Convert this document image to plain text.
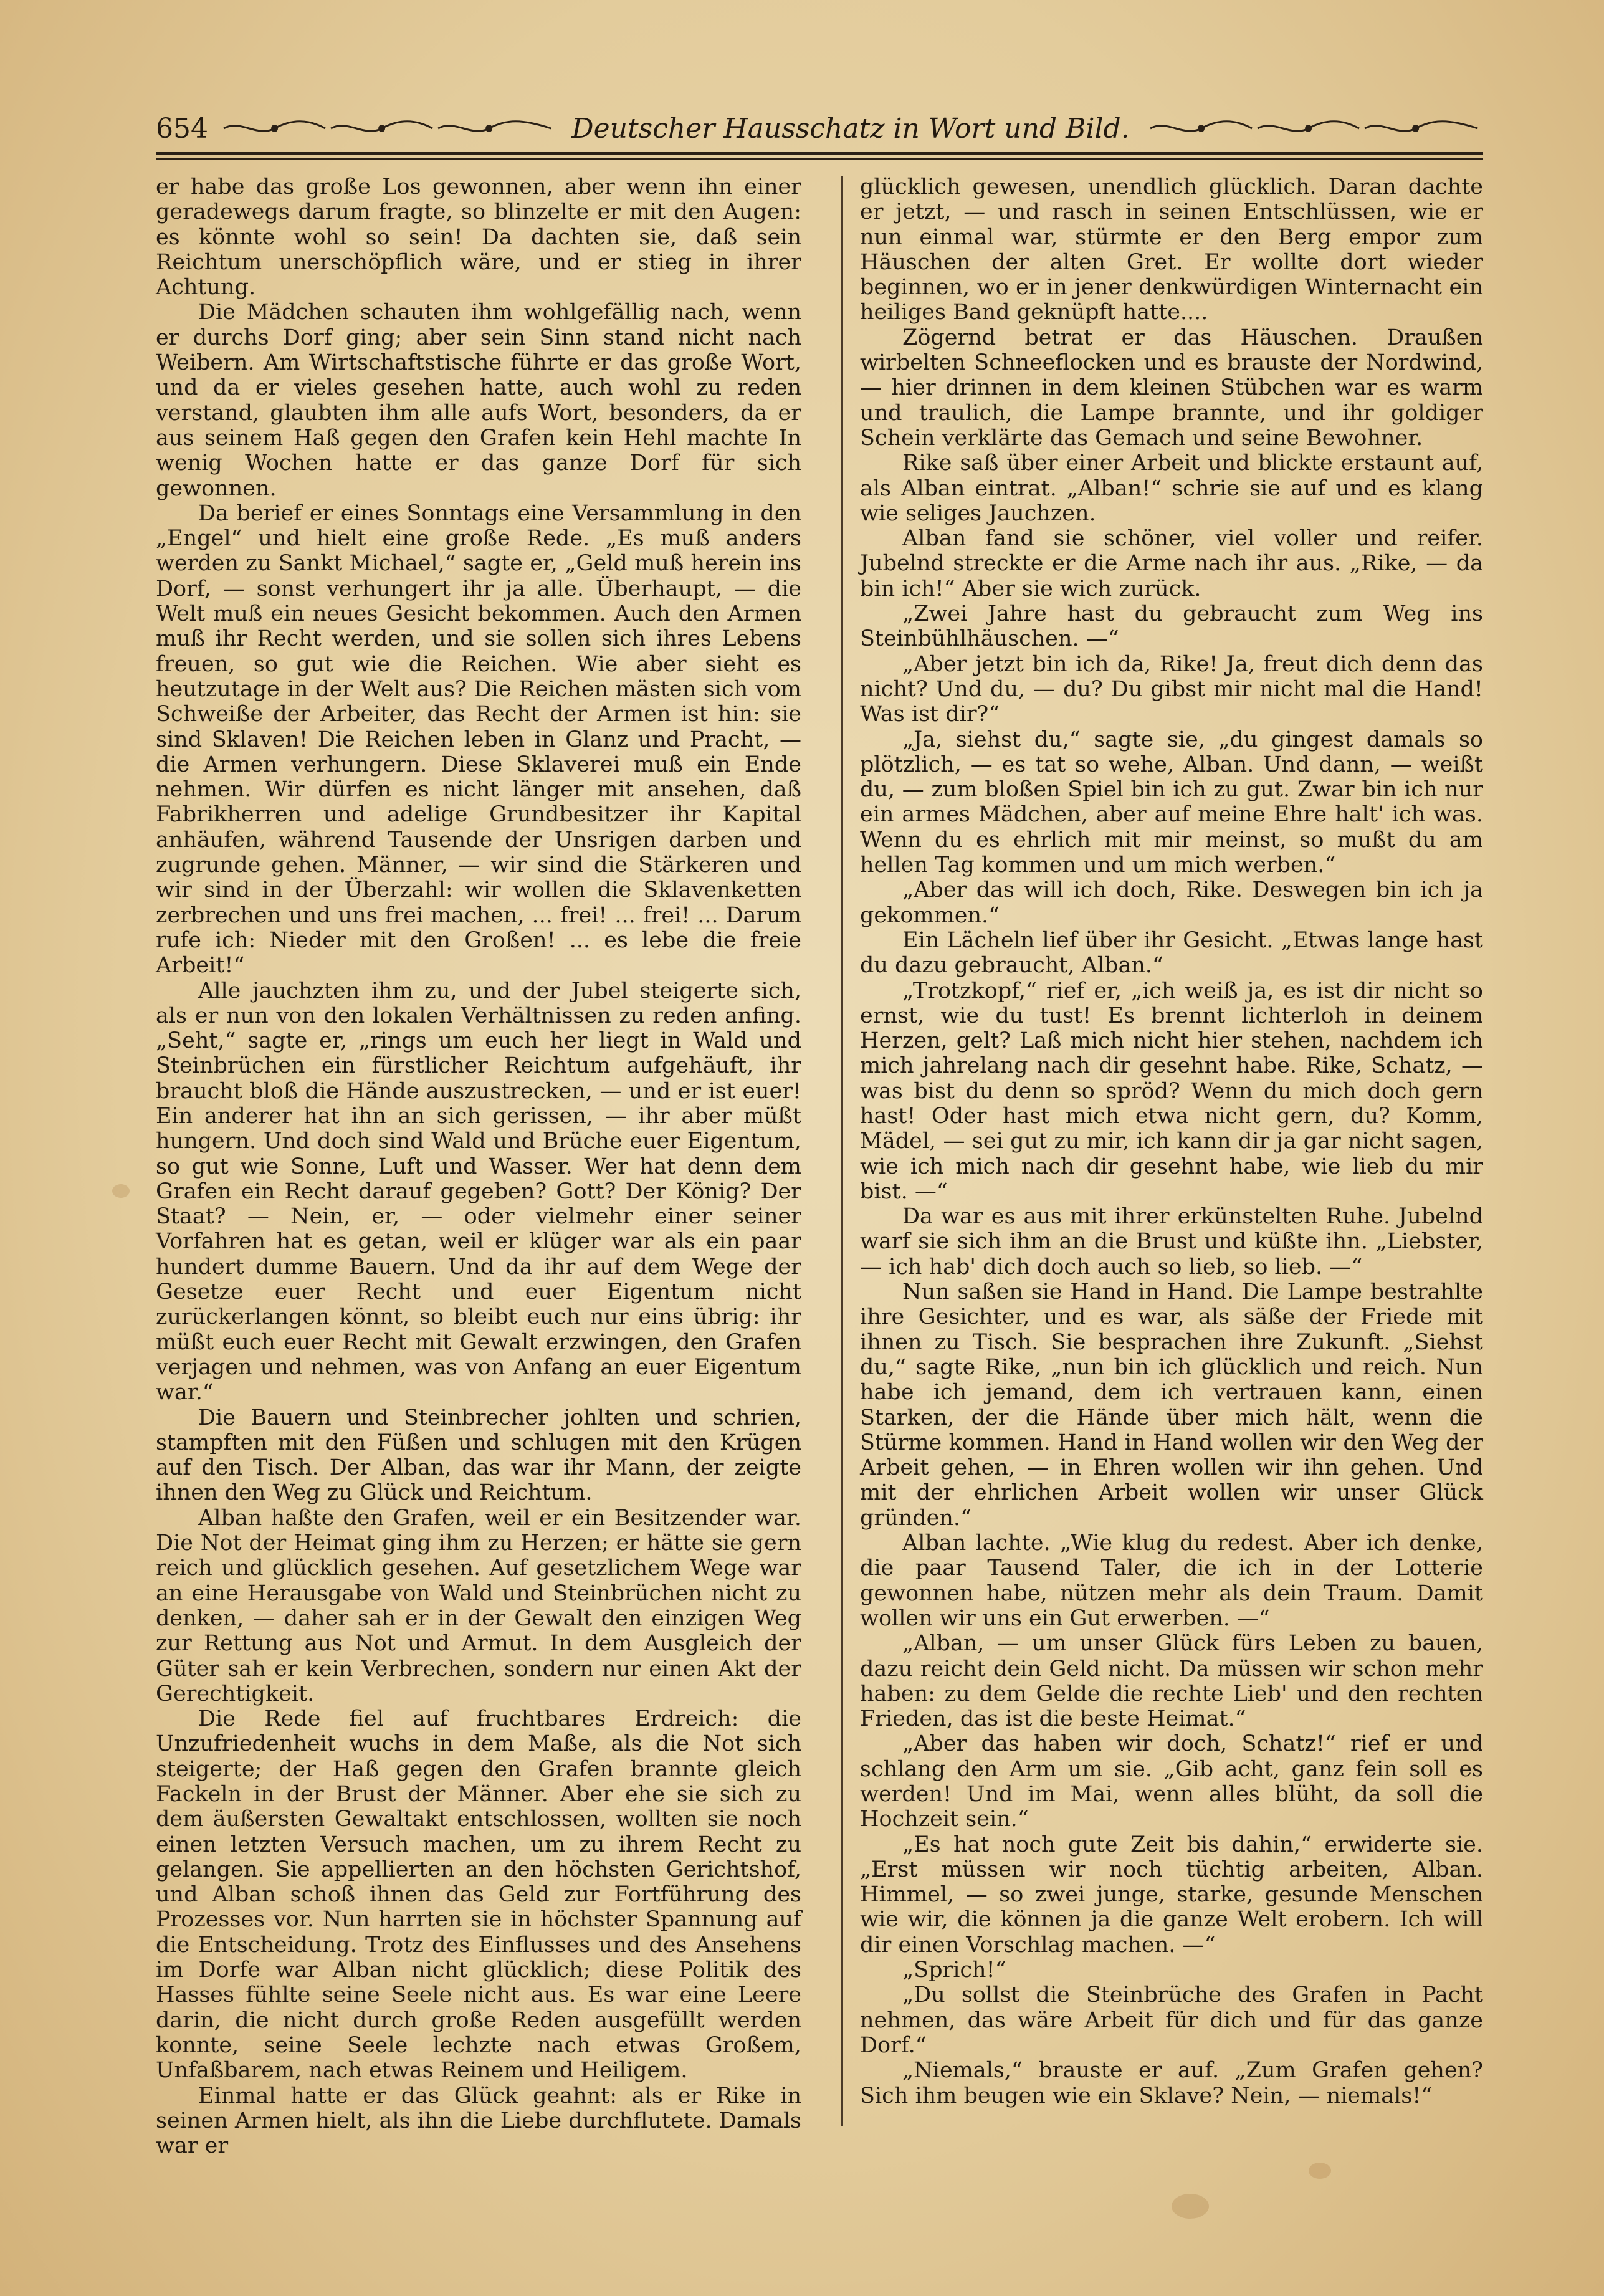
654	Deutscher Hausschatz in Wort und Bild.

er habe das große Los gewonnen, aber wenn ihn einer geradewegs darum fragte, so blinzelte er mit den Augen: es könnte wohl so sein! Da dachten sie, daß sein Reichtum unerschöpflich wäre, und er stieg in ihrer Achtung.

Die Mädchen schauten ihm wohlgefällig nach, wenn er durchs Dorf ging; aber sein Sinn stand nicht nach Weibern. Am Wirtschaftstische führte er das große Wort, und da er vieles gesehen hatte, auch wohl zu reden verstand, glaubten ihm alle aufs Wort, besonders, da er aus seinem Haß gegen den Grafen kein Hehl machte In wenig Wochen hatte er das ganze Dorf für sich gewonnen.

Da berief er eines Sonntags eine Versammlung in den „Engel“ und hielt eine große Rede. „Es muß anders werden zu Sankt Michael,“ sagte er, „Geld muß herein ins Dorf, — sonst verhungert ihr ja alle. Überhaupt, — die Welt muß ein neues Gesicht bekommen. Auch den Armen muß ihr Recht werden, und sie sollen sich ihres Lebens freuen, so gut wie die Reichen. Wie aber sieht es heutzutage in der Welt aus? Die Reichen mästen sich vom Schweiße der Arbeiter, das Recht der Armen ist hin: sie sind Sklaven! Die Reichen leben in Glanz und Pracht, — die Armen verhungern. Diese Sklaverei muß ein Ende nehmen. Wir dürfen es nicht länger mit ansehen, daß Fabrikherren und adelige Grundbesitzer ihr Kapital anhäufen, während Tausende der Unsrigen darben und zugrunde gehen. Männer, — wir sind die Stärkeren und wir sind in der Überzahl: wir wollen die Sklavenketten zerbrechen und uns frei machen, ... frei! ... frei! ... Darum rufe ich: Nieder mit den Großen! ... es lebe die freie Arbeit!“

Alle jauchzten ihm zu, und der Jubel steigerte sich, als er nun von den lokalen Verhältnissen zu reden anfing. „Seht,“ sagte er, „rings um euch her liegt in Wald und Steinbrüchen ein fürstlicher Reichtum aufgehäuft, ihr braucht bloß die Hände auszustrecken, — und er ist euer! Ein anderer hat ihn an sich gerissen, — ihr aber müßt hungern. Und doch sind Wald und Brüche euer Eigentum, so gut wie Sonne, Luft und Wasser. Wer hat denn dem Grafen ein Recht darauf gegeben? Gott? Der König? Der Staat? — Nein, er, — oder vielmehr einer seiner Vorfahren hat es getan, weil er klüger war als ein paar hundert dumme Bauern. Und da ihr auf dem Wege der Gesetze euer Recht und euer Eigentum nicht zurückerlangen könnt, so bleibt euch nur eins übrig: ihr müßt euch euer Recht mit Gewalt erzwingen, den Grafen verjagen und nehmen, was von Anfang an euer Eigentum war.“

Die Bauern und Steinbrecher johlten und schrien, stampften mit den Füßen und schlugen mit den Krügen auf den Tisch. Der Alban, das war ihr Mann, der zeigte ihnen den Weg zu Glück und Reichtum.

Alban haßte den Grafen, weil er ein Besitzender war. Die Not der Heimat ging ihm zu Herzen; er hätte sie gern reich und glücklich gesehen. Auf gesetzlichem Wege war an eine Herausgabe von Wald und Steinbrüchen nicht zu denken, — daher sah er in der Gewalt den einzigen Weg zur Rettung aus Not und Armut. In dem Ausgleich der Güter sah er kein Verbrechen, sondern nur einen Akt der Gerechtigkeit.

Die Rede fiel auf fruchtbares Erdreich: die Unzufriedenheit wuchs in dem Maße, als die Not sich steigerte; der Haß gegen den Grafen brannte gleich Fackeln in der Brust der Männer. Aber ehe sie sich zu dem äußersten Gewaltakt entschlossen, wollten sie noch einen letzten Versuch machen, um zu ihrem Recht zu gelangen. Sie appellierten an den höchsten Gerichtshof, und Alban schoß ihnen das Geld zur Fortführung des Prozesses vor. Nun harrten sie in höchster Spannung auf die Entscheidung. Trotz des Einflusses und des Ansehens im Dorfe war Alban nicht glücklich; diese Politik des Hasses fühlte seine Seele nicht aus. Es war eine Leere darin, die nicht durch große Reden ausgefüllt werden konnte, seine Seele lechzte nach etwas Großem, Unfaßbarem, nach etwas Reinem und Heiligem.

Einmal hatte er das Glück geahnt: als er Rike in seinen Armen hielt, als ihn die Liebe durchflutete. Damals war er

glücklich gewesen, unendlich glücklich. Daran dachte er jetzt, — und rasch in seinen Entschlüssen, wie er nun einmal war, stürmte er den Berg empor zum Häuschen der alten Gret. Er wollte dort wieder beginnen, wo er in jener denkwürdigen Winternacht ein heiliges Band geknüpft hatte....

Zögernd betrat er das Häuschen. Draußen wirbelten Schneeflocken und es brauste der Nordwind, — hier drinnen in dem kleinen Stübchen war es warm und traulich, die Lampe brannte, und ihr goldiger Schein verklärte das Gemach und seine Bewohner.

Rike saß über einer Arbeit und blickte erstaunt auf, als Alban eintrat. „Alban!“ schrie sie auf und es klang wie seliges Jauchzen.

Alban fand sie schöner, viel voller und reifer. Jubelnd streckte er die Arme nach ihr aus. „Rike, — da bin ich!“ Aber sie wich zurück.

„Zwei Jahre hast du gebraucht zum Weg ins Steinbühlhäuschen. —“

„Aber jetzt bin ich da, Rike! Ja, freut dich denn das nicht? Und du, — du? Du gibst mir nicht mal die Hand! Was ist dir?“

„Ja, siehst du,“ sagte sie, „du gingest damals so plötzlich, — es tat so wehe, Alban. Und dann, — weißt du, — zum bloßen Spiel bin ich zu gut. Zwar bin ich nur ein armes Mädchen, aber auf meine Ehre halt' ich was. Wenn du es ehrlich mit mir meinst, so mußt du am hellen Tag kommen und um mich werben.“

„Aber das will ich doch, Rike. Deswegen bin ich ja gekommen.“

Ein Lächeln lief über ihr Gesicht. „Etwas lange hast du dazu gebraucht, Alban.“

„Trotzkopf,“ rief er, „ich weiß ja, es ist dir nicht so ernst, wie du tust! Es brennt lichterloh in deinem Herzen, gelt? Laß mich nicht hier stehen, nachdem ich mich jahrelang nach dir gesehnt habe. Rike, Schatz, — was bist du denn so spröd? Wenn du mich doch gern hast! Oder hast mich etwa nicht gern, du? Komm, Mädel, — sei gut zu mir, ich kann dir ja gar nicht sagen, wie ich mich nach dir gesehnt habe, wie lieb du mir bist. —“

Da war es aus mit ihrer erkünstelten Ruhe. Jubelnd warf sie sich ihm an die Brust und küßte ihn. „Liebster, — ich hab' dich doch auch so lieb, so lieb. —“

Nun saßen sie Hand in Hand. Die Lampe bestrahlte ihre Gesichter, und es war, als säße der Friede mit ihnen zu Tisch. Sie besprachen ihre Zukunft. „Siehst du,“ sagte Rike, „nun bin ich glücklich und reich. Nun habe ich jemand, dem ich vertrauen kann, einen Starken, der die Hände über mich hält, wenn die Stürme kommen. Hand in Hand wollen wir den Weg der Arbeit gehen, — in Ehren wollen wir ihn gehen. Und mit der ehrlichen Arbeit wollen wir unser Glück gründen.“

Alban lachte. „Wie klug du redest. Aber ich denke, die paar Tausend Taler, die ich in der Lotterie gewonnen habe, nützen mehr als dein Traum. Damit wollen wir uns ein Gut erwerben. —“

„Alban, — um unser Glück fürs Leben zu bauen, dazu reicht dein Geld nicht. Da müssen wir schon mehr haben: zu dem Gelde die rechte Lieb' und den rechten Frieden, das ist die beste Heimat.“

„Aber das haben wir doch, Schatz!“ rief er und schlang den Arm um sie. „Gib acht, ganz fein soll es werden! Und im Mai, wenn alles blüht, da soll die Hochzeit sein.“

„Es hat noch gute Zeit bis dahin,“ erwiderte sie. „Erst müssen wir noch tüchtig arbeiten, Alban. Himmel, — so zwei junge, starke, gesunde Menschen wie wir, die können ja die ganze Welt erobern. Ich will dir einen Vorschlag machen. —“

„Sprich!“

„Du sollst die Steinbrüche des Grafen in Pacht nehmen, das wäre Arbeit für dich und für das ganze Dorf.“

„Niemals,“ brauste er auf. „Zum Grafen gehen? Sich ihm beugen wie ein Sklave? Nein, — niemals!“
